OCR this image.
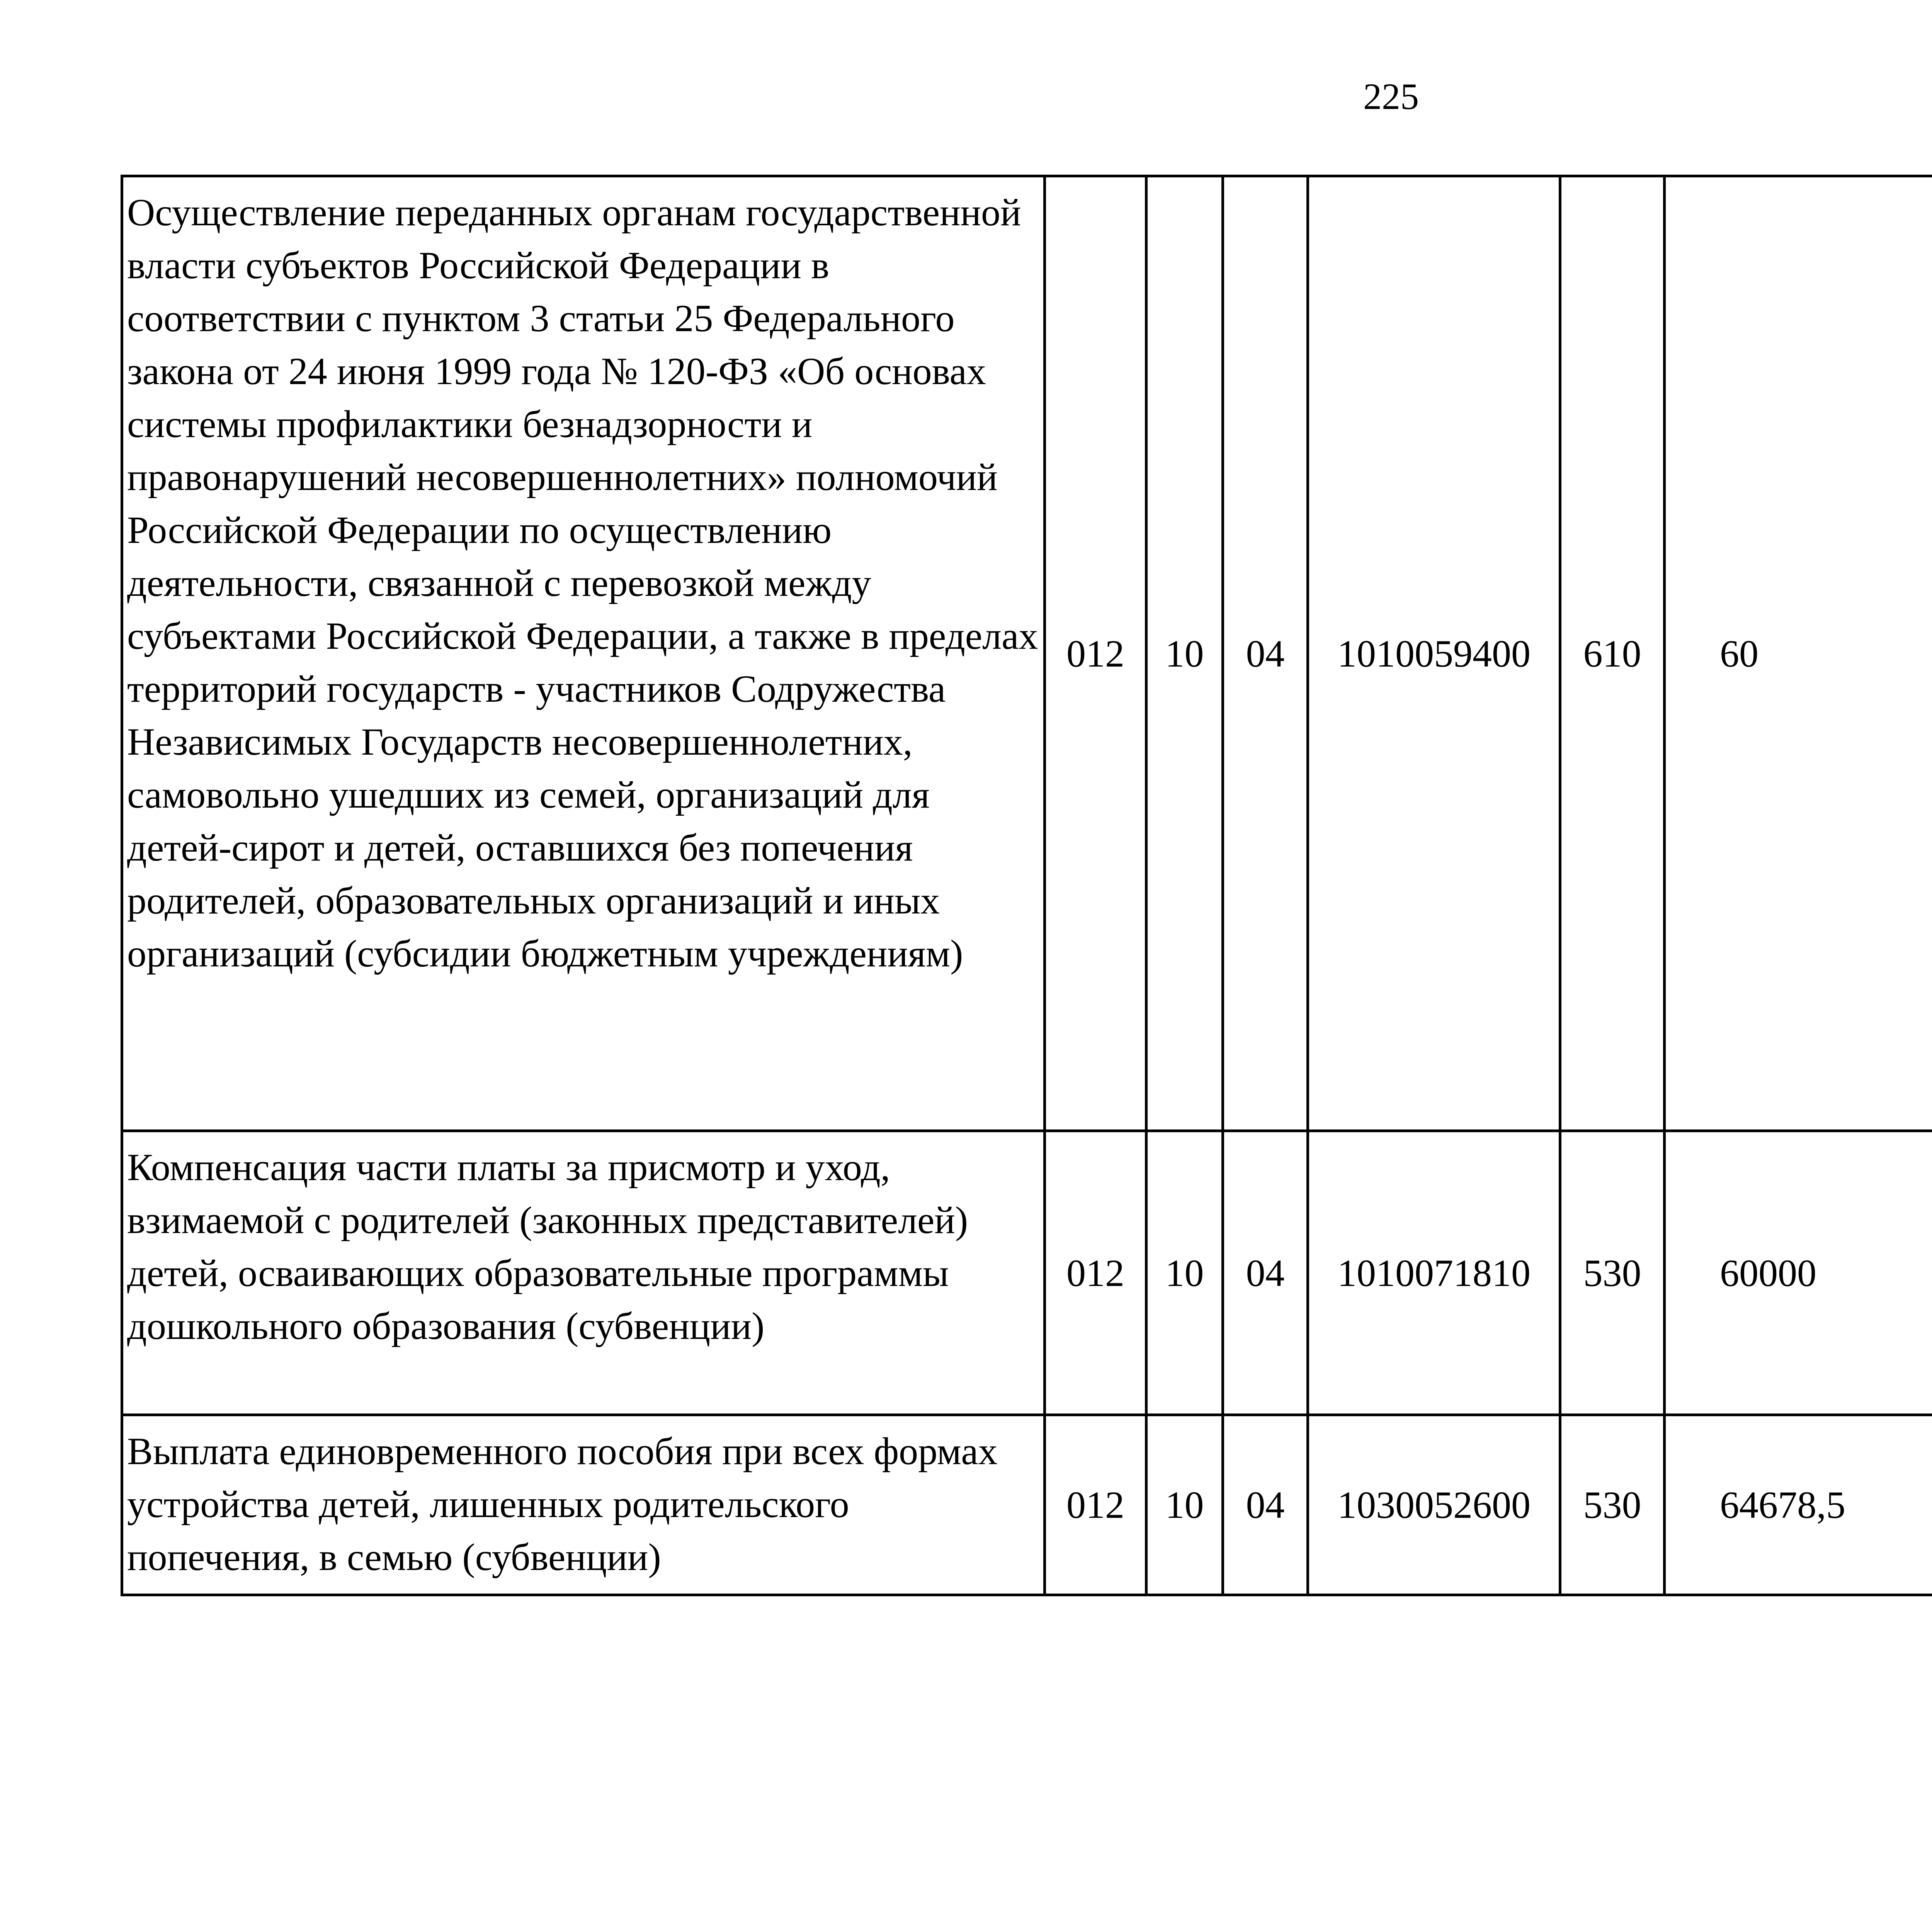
225
Осуществление переданных органам государственной власти субъектов Российской Федерации в соответствии с пунктом 3 статьи 25 Федерального закона от 24 июня 1999 года № 120-ФЗ «Об основах системы профилактики безнадзорности и правонарушений несовершеннолетних» полномочий Российской Федерации по осуществлению деятельности, связанной с перевозкой между субъектами Российской Федерации, а также в пределах территорий государств - участников Содружества Независимых Государств несовершеннолетних, самовольно ушедших из семей, организаций для детей-сирот и детей, оставшихся без попечения родителей, образовательных организаций и иных организаций (субсидии бюджетным учреждениям)	012	10	04	1010059400	610	60		
Компенсация части платы за присмотр и уход, взимаемой с родителей (законных представителей) детей, осваивающих образовательные программы дошкольного образования (субвенции)	012	10	04	1010071810	530	60000		
Выплата единовременного пособия при всех формах устройства детей, лишенных родительского попечения, в семью (субвенции)	012	10	04	1030052600	530	64678,5		
